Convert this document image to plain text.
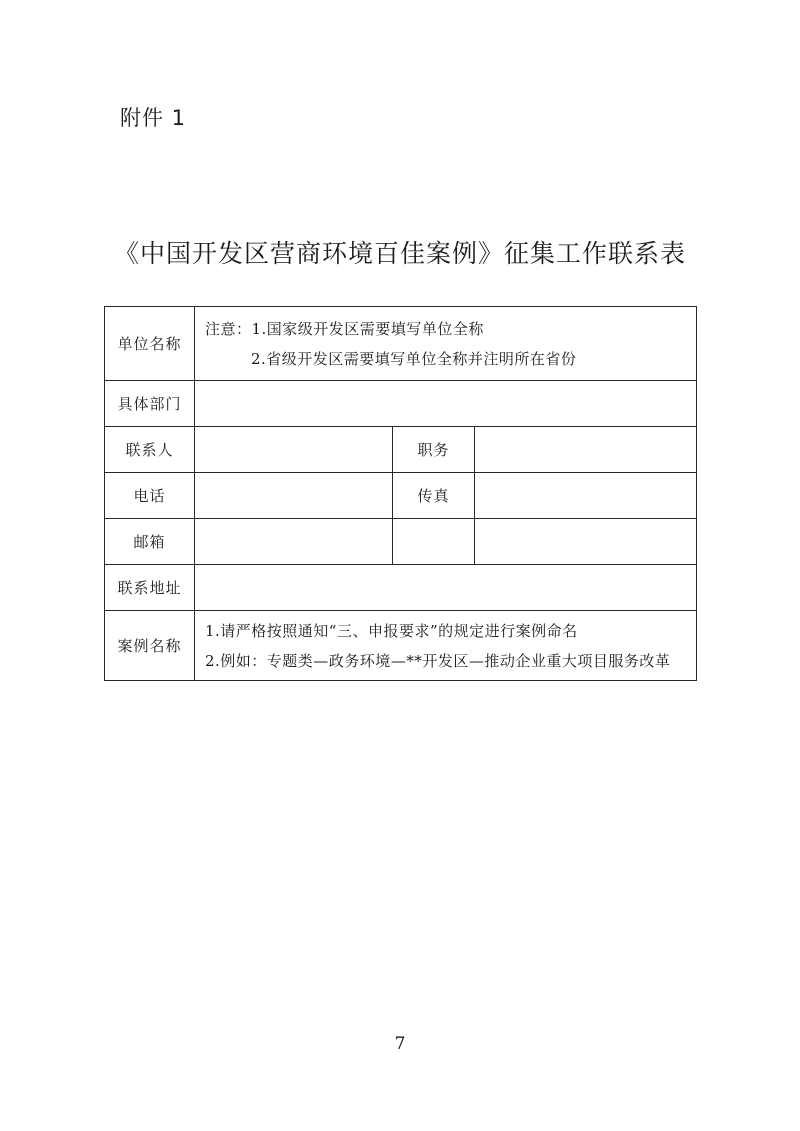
附件 1
《中国开发区营商环境百佳案例》征集工作联系表
单位名称	注意：1.国家级开发区需要填写单位全称
2.省级开发区需要填写单位全称并注明所在省份		

具体部门			
联系人		职务	
电话		传真	
邮箱			
联系地址			
案例名称	1.请严格按照通知“三、申报要求”的规定进行案例命名
2.例如：专题类—政务环境—**开发区—推动企业重大项目服务改革		
7
